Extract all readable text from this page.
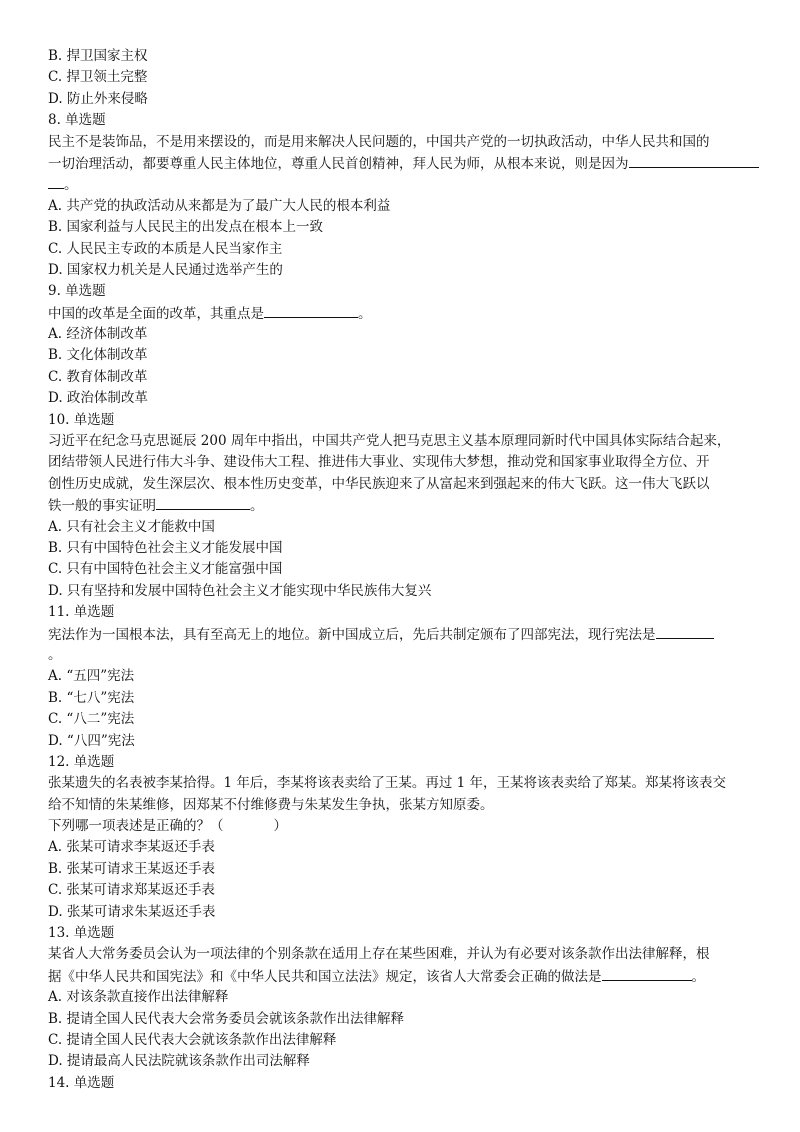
B. 捍卫国家主权
C. 捍卫领土完整
D. 防止外来侵略
8. 单选题
民主不是装饰品，不是用来摆设的，而是用来解决人民问题的，中国共产党的一切执政活动，中华人民共和国的
一切治理活动，都要尊重人民主体地位，尊重人民首创精神，拜人民为师，从根本来说，则是因为
。
A. 共产党的执政活动从来都是为了最广大人民的根本利益
B. 国家利益与人民民主的出发点在根本上一致
C. 人民民主专政的本质是人民当家作主
D. 国家权力机关是人民通过选举产生的
9. 单选题
中国的改革是全面的改革，其重点是	。
A. 经济体制改革
B. 文化体制改革
C. 教育体制改革
D. 政治体制改革
10. 单选题
习近平在纪念马克思诞辰 200 周年中指出，中国共产党人把马克思主义基本原理同新时代中国具体实际结合起来，
团结带领人民进行伟大斗争、建设伟大工程、推进伟大事业、实现伟大梦想，推动党和国家事业取得全方位、开
创性历史成就，发生深层次、根本性历史变革，中华民族迎来了从富起来到强起来的伟大飞跃。这一伟大飞跃以
铁一般的事实证明	。
A. 只有社会主义才能救中国
B. 只有中国特色社会主义才能发展中国
C. 只有中国特色社会主义才能富强中国
D. 只有坚持和发展中国特色社会主义才能实现中华民族伟大复兴
11. 单选题
宪法作为一国根本法，具有至高无上的地位。新中国成立后，先后共制定颁布了四部宪法，现行宪法是
。
A. “五四”宪法
B. “七八”宪法
C. “八二”宪法
D. “八四”宪法
12. 单选题
张某遗失的名表被李某拾得。1 年后，李某将该表卖给了王某。再过 1 年，王某将该表卖给了郑某。郑某将该表交
给不知情的朱某维修，因郑某不付维修费与朱某发生争执，张某方知原委。
下列哪一项表述是正确的？（	）
A. 张某可请求李某返还手表
B. 张某可请求王某返还手表
C. 张某可请求郑某返还手表
D. 张某可请求朱某返还手表
13. 单选题
某省人大常务委员会认为一项法律的个别条款在适用上存在某些困难，并认为有必要对该条款作出法律解释，根
据《中华人民共和国宪法》和《中华人民共和国立法法》规定，该省人大常委会正确的做法是	。
A. 对该条款直接作出法律解释
B. 提请全国人民代表大会常务委员会就该条款作出法律解释
C. 提请全国人民代表大会就该条款作出法律解释
D. 提请最高人民法院就该条款作出司法解释
14. 单选题
